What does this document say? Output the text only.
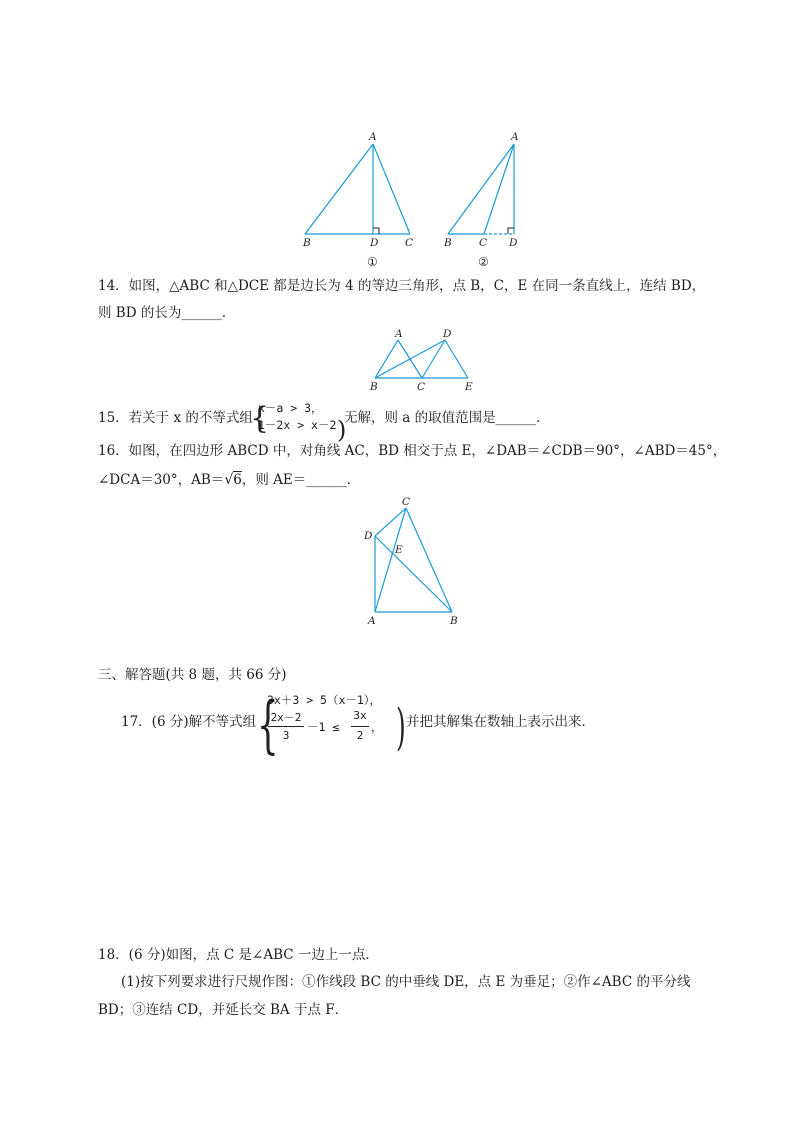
A
B	D	C
①
A
B	C D
②
14．如图，△ABC 和△DCE 都是边长为 4 的等边三角形，点 B，C，E 在同一条直线上，连结 BD，
则 BD 的长为______．
A	D
B	C	E
15．若关于 x 的不等式组
{
x－a > 3，
1－2x > x－2 )
无解，则 a 的取值范围是______．
16．如图，在四边形 ABCD 中，对角线 AC，BD 相交于点 E，∠DAB＝∠CDB＝90°，∠ABD＝45°，
∠DCA＝30°，AB＝√6，则 AE＝______．
C
D
E
A	B
三、解答题(共 8 题，共 66 分)
17．(6 分)解不等式组 {
3x＋3 > 5（x－1），
2x－2
3
－1 ≤
3x
2
， ) 并把其解集在数轴上表示出来．
18．(6 分)如图，点 C 是∠ABC 一边上一点．
(1)按下列要求进行尺规作图：①作线段 BC 的中垂线 DE，点 E 为垂足；②作∠ABC 的平分线
BD；③连结 CD，并延长交 BA 于点 F．
